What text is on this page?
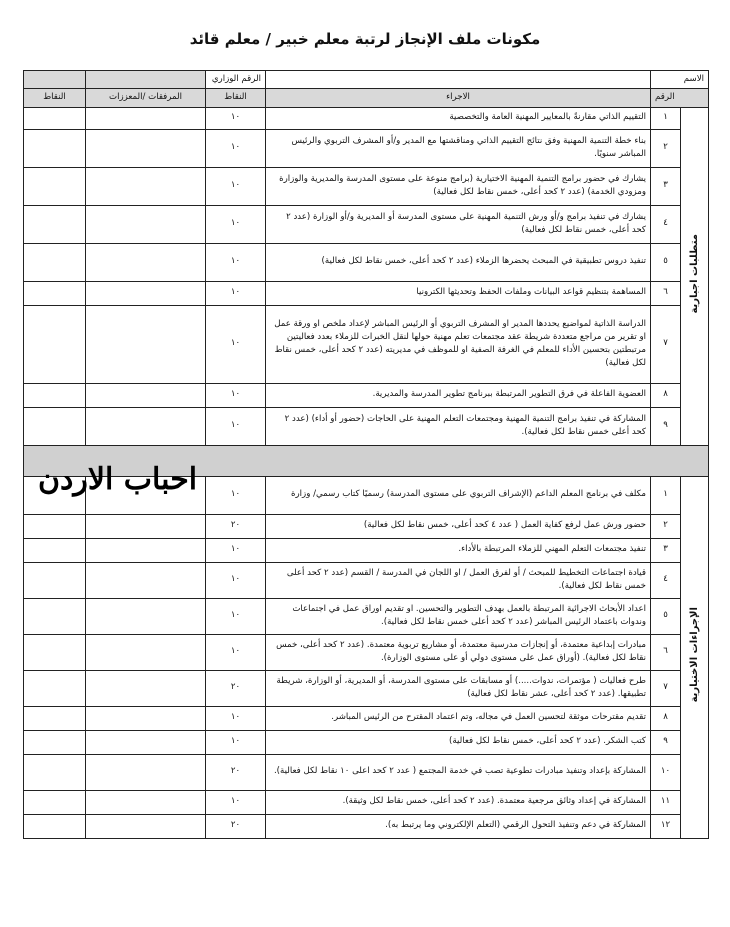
مكونات ملف الإنجاز لرتبة معلم خبير / معلم قائد
الاسم			الرقم الوزاري		
الرقم		الاجراء	النقاط	المرفقات /المعززات	النقاط
متطلبات اجبارية	١	التقييم الذاتي مقارنةً بالمعايير المهنية العامة والتخصصية	١٠		
	٢	بناء خطة التنمية المهنية وفق نتائج التقييم الذاتي ومناقشتها مع المدير و/أو المشرف التربوي والرئيس المباشر سنويًا.	١٠		
	٣	يشارك في حضور برامج التنمية المهنية الاختيارية (برامج منوعة على مستوى المدرسة والمديرية والوزارة ومزودي الخدمة) (عدد ٢ كحد أعلى، خمس نقاط لكل فعالية)	١٠		
	٤	يشارك في تنفيذ برامج و/أو ورش التنمية المهنية على مستوى المدرسة أو المديرية و/أو الوزارة (عدد ٢ كحد أعلى، خمس نقاط لكل فعالية)	١٠		
	٥	تنفيذ دروس تطبيقية في المبحث يحضرها الزملاء (عدد ٢ كحد أعلى، خمس نقاط لكل فعالية)	١٠		
	٦	المساهمة بتنظيم قواعد البيانات وملفات الحفظ وتحديثها الكترونيا	١٠		
	٧	الدراسة الذاتية لمواضيع يحددها المدير او المشرف التربوي أو الرئيس المباشر لإعداد ملخص او ورقة عمل او تقرير من مراجع متعددة شريطة عقد مجتمعات تعلم مهنية حولها لنقل الخبرات للزملاء بعدد فعاليتين مرتبطتين بتحسين الأداء للمعلم في الغرفة الصفية او للموظف في مديريته (عدد ٢ كحد أعلى، خمس نقاط لكل فعالية)	١٠		
	٨	العضوية الفاعلة في فرق التطوير المرتبطة ببرنامج تطوير المدرسة والمديرية.	١٠		
	٩	المشاركة في تنفيذ برامج التنمية المهنية ومجتمعات التعلم المهنية على الحاجات (حضور أو أداء) (عدد ٢ كحد أعلى خمس نقاط لكل فعالية).	١٠		

الإجراءات الاختيارية	١	مكلف في برنامج المعلم الداعم (الإشراف التربوي على مستوى المدرسة) رسميًا كتاب رسمي/ وزارة	١٠		
	٢	حضور ورش عمل لرفع كفاية العمل ( عدد ٤ كحد أعلى، خمس نقاط لكل فعالية)	٢٠		
	٣	تنفيذ مجتمعات التعلم المهني للزملاء المرتبطة بالأداء.	١٠		
	٤	قيادة اجتماعات التخطيط للمبحث / أو لفرق العمل / او اللجان في المدرسة / القسم (عدد ٢ كحد أعلى خمس نقاط لكل فعالية).	١٠		
	٥	اعداد الأبحاث الاجرائية المرتبطة بالعمل بهدف التطوير والتحسين. او تقديم اوراق عمل في اجتماعات وندوات باعتماد الرئيس المباشر (عدد ٢ كحد أعلى خمس نقاط لكل فعالية).	١٠		
	٦	مبادرات إبداعية معتمدة، أو إنجازات مدرسية معتمدة، أو مشاريع تربوية معتمدة. (عدد ٢ كحد أعلى، خمس نقاط لكل فعالية). (أوراق عمل على مستوى دولي أو على مستوى الوزارة).	١٠		
	٧	طرح فعاليات ( مؤتمرات، ندوات.....) أو مسابقات على مستوى المدرسة، أو المديرية، أو الوزارة، شريطة تطبيقها. (عدد ٢ كحد أعلى، عشر نقاط لكل فعالية)	٢٠		
	٨	تقديم مقترحات موثقة لتحسين العمل في مجاله، وتم اعتماد المقترح من الرئيس المباشر.	١٠		
	٩	كتب الشكر. (عدد ٢ كحد أعلى، خمس نقاط لكل فعالية)	١٠		
	١٠	المشاركة بإعداد وتنفيذ مبادرات تطوعية تصب في خدمة المجتمع ( عدد ٢ كحد اعلى ١٠ نقاط لكل فعالية).	٢٠		
	١١	المشاركة في إعداد وثائق مرجعية معتمدة. (عدد ٢ كحد أعلى، خمس نقاط لكل وثيقة).	١٠		
	١٢	المشاركة في دعم وتنفيذ التحول الرقمي (التعلم الإلكتروني وما يرتبط به).	٢٠		
احباب الاردن
